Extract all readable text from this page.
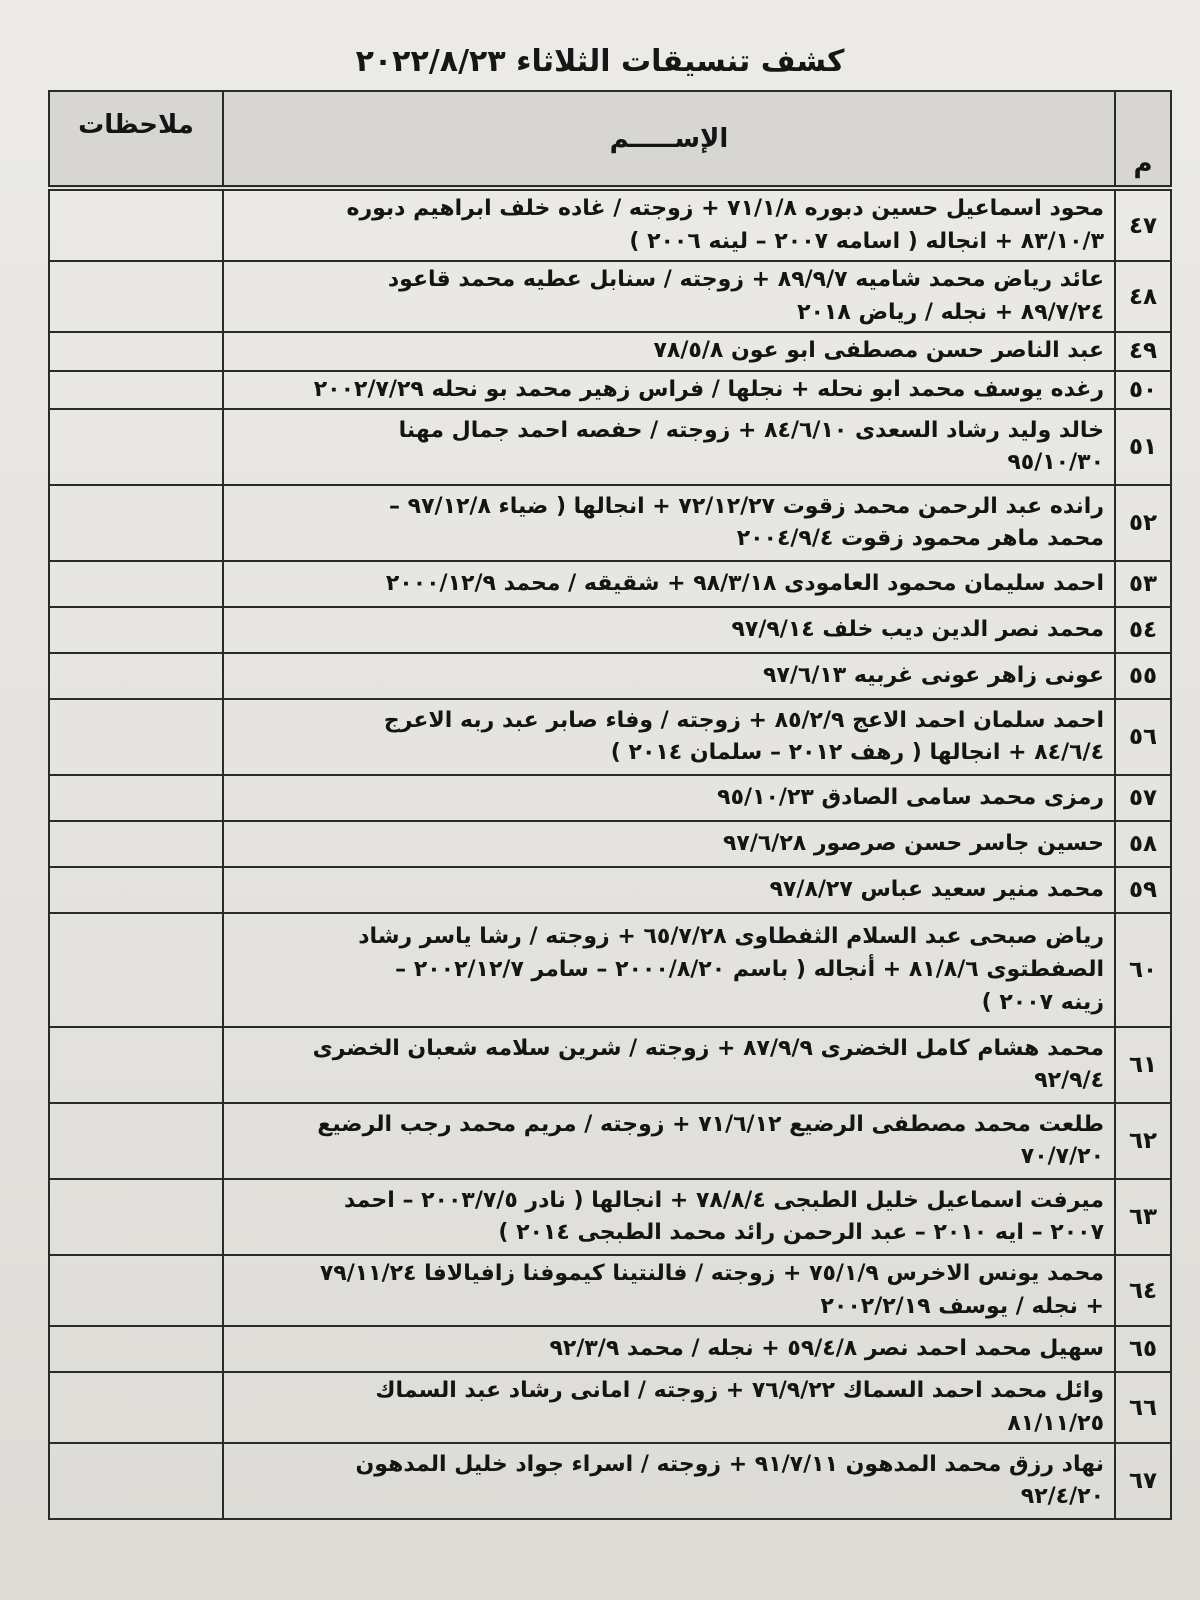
كشف تنسيقات الثلاثاء ٢٠٢٢/٨/٢٣
م	الإســـــم	ملاحظات
٤٧	محود اسماعيل حسين دبوره ٧١/١/٨ + زوجته / غاده خلف ابراهيم دبوره
٨٣/١٠/٣ + انجاله ( اسامه ٢٠٠٧ – لينه ٢٠٠٦ )	

٤٨	عائد رياض محمد شاميه ٨٩/٩/٧ + زوجته / سنابل عطيه محمد قاعود
٨٩/٧/٢٤ + نجله / رياض ٢٠١٨	

٤٩	عبد الناصر حسن مصطفى ابو عون ٧٨/٥/٨	

٥٠	رغده يوسف محمد ابو نحله + نجلها / فراس زهير محمد بو نحله ٢٠٠٢/٧/٢٩	

٥١	خالد وليد رشاد السعدى ٨٤/٦/١٠ + زوجته / حفصه احمد جمال مهنا
٩٥/١٠/٣٠	

٥٢	رانده عبد الرحمن محمد زقوت ٧٢/١٢/٢٧ + انجالها ( ضياء ٩٧/١٢/٨ –
محمد ماهر محمود زقوت ٢٠٠٤/٩/٤	

٥٣	احمد سليمان محمود العامودى ٩٨/٣/١٨ + شقيقه / محمد ٢٠٠٠/١٢/٩	

٥٤	محمد نصر الدين ديب خلف ٩٧/٩/١٤	

٥٥	عونى زاهر عونى غربيه ٩٧/٦/١٣	

٥٦	احمد سلمان احمد الاعج ٨٥/٢/٩ + زوجته / وفاء صابر عبد ربه الاعرج
٨٤/٦/٤ + انجالها ( رهف ٢٠١٢ – سلمان ٢٠١٤ )	

٥٧	رمزى محمد سامى الصادق ٩٥/١٠/٢٣	

٥٨	حسين جاسر حسن صرصور ٩٧/٦/٢٨	

٥٩	محمد منير سعيد عباس ٩٧/٨/٢٧	

٦٠	رياض صبحى عبد السلام الثفطاوى ٦٥/٧/٢٨ + زوجته / رشا ياسر رشاد
الصفطتوى ٨١/٨/٦ + أنجاله ( باسم ٢٠٠٠/٨/٢٠ – سامر ٢٠٠٢/١٢/٧ –
زينه ٢٠٠٧ )	

٦١	محمد هشام كامل الخضرى ٨٧/٩/٩ + زوجته / شرين سلامه شعبان الخضرى
٩٢/٩/٤	

٦٢	طلعت محمد مصطفى الرضيع ٧١/٦/١٢ + زوجته / مريم محمد رجب الرضيع
٧٠/٧/٢٠	

٦٣	ميرفت اسماعيل خليل الطبجى ٧٨/٨/٤ + انجالها ( نادر ٢٠٠٣/٧/٥ – احمد
٢٠٠٧ – ايه ٢٠١٠ – عبد الرحمن رائد محمد الطبجى ٢٠١٤ )	

٦٤	محمد يونس الاخرس ٧٥/١/٩ + زوجته / فالنتينا كيموفنا زافيالافا ٧٩/١١/٢٤
+ نجله / يوسف ٢٠٠٢/٢/١٩	

٦٥	سهيل محمد احمد نصر ٥٩/٤/٨ + نجله / محمد ٩٢/٣/٩	

٦٦	وائل محمد احمد السماك ٧٦/٩/٢٢ + زوجته / امانى رشاد عبد السماك
٨١/١١/٢٥	

٦٧	نهاد رزق محمد المدهون ٩١/٧/١١ + زوجته / اسراء جواد خليل المدهون
٩٢/٤/٢٠	
